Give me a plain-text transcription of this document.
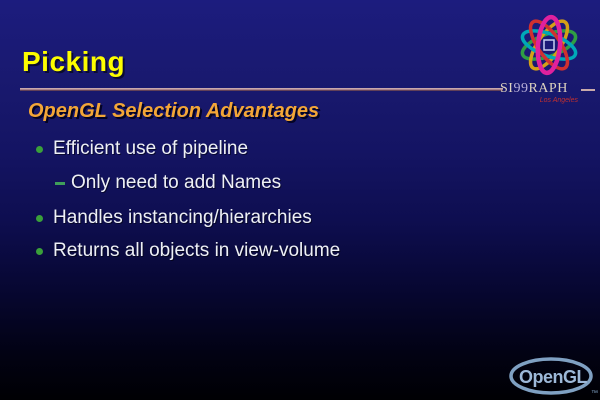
Picking
OpenGL Selection Advantages
Efficient use of pipeline
Only need to add Names
Handles instancing/hierarchies
Returns all objects in view-volume
SI99RAPH
Los Angeles
OpenGL
™
